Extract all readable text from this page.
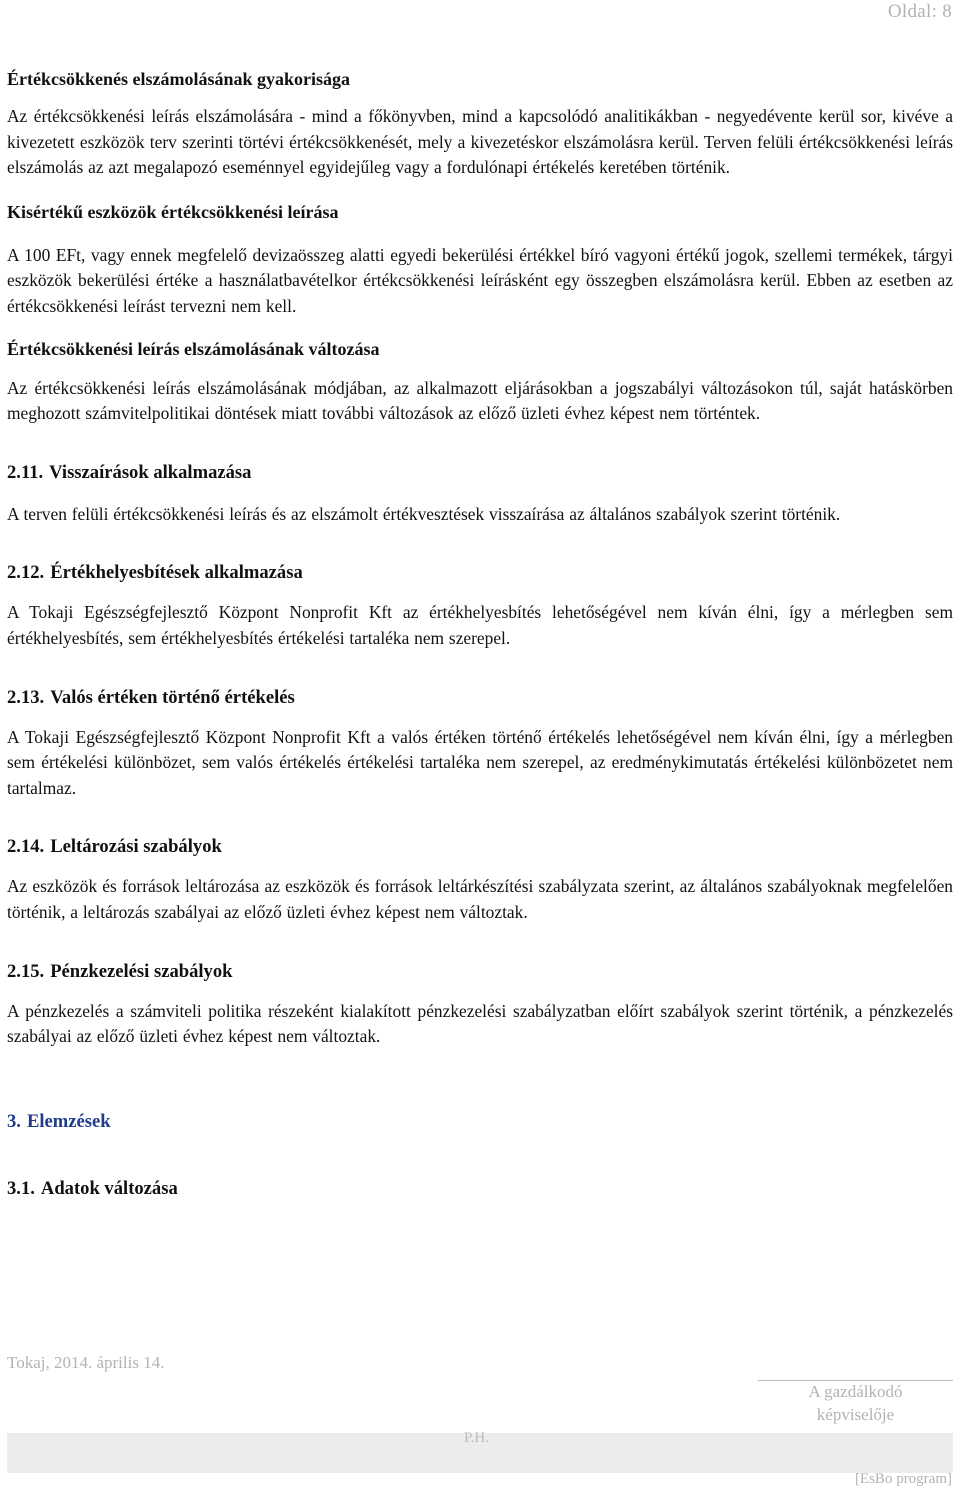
Oldal: 8
Értékcsökkenés elszámolásának gyakorisága

Az értékcsökkenési leírás elszámolására - mind a főkönyvben, mind a kapcsolódó analitikákban - negyedévente kerül sor, kivéve a kivezetett eszközök terv szerinti törtévi értékcsökkenését, mely a kivezetéskor elszámolásra kerül. Terven felüli értékcsökkenési leírás elszámolás az azt megalapozó eseménnyel egyidejűleg vagy a fordulónapi értékelés keretében történik.

Kisértékű eszközök értékcsökkenési leírása

A 100 EFt, vagy ennek megfelelő devizaösszeg alatti egyedi bekerülési értékkel bíró vagyoni értékű jogok, szellemi termékek, tárgyi eszközök bekerülési értéke a használatbavételkor értékcsökkenési leírásként egy összegben elszámolásra kerül. Ebben az esetben az értékcsökkenési leírást tervezni nem kell.

Értékcsökkenési leírás elszámolásának változása

Az értékcsökkenési leírás elszámolásának módjában, az alkalmazott eljárásokban a jogszabályi változásokon túl, saját hatáskörben meghozott számvitelpolitikai döntések miatt további változások az előző üzleti évhez képest nem történtek.

2.11. Visszaírások alkalmazása

A terven felüli értékcsökkenési leírás és az elszámolt értékvesztések visszaírása az általános szabályok szerint történik.

2.12. Értékhelyesbítések alkalmazása

A Tokaji Egészségfejlesztő Központ Nonprofit Kft az értékhelyesbítés lehetőségével nem kíván élni, így a mérlegben sem értékhelyesbítés, sem értékhelyesbítés értékelési tartaléka nem szerepel.

2.13. Valós értéken történő értékelés

A Tokaji Egészségfejlesztő Központ Nonprofit Kft a valós értéken történő értékelés lehetőségével nem kíván élni, így a mérlegben sem értékelési különbözet, sem valós értékelés értékelési tartaléka nem szerepel, az eredménykimutatás értékelési különbözetet nem tartalmaz.

2.14. Leltározási szabályok

Az eszközök és források leltározása az eszközök és források leltárkészítési szabályzata szerint, az általános szabályoknak megfelelően történik, a leltározás szabályai az előző üzleti évhez képest nem változtak.

2.15. Pénzkezelési szabályok

A pénzkezelés a számviteli politika részeként kialakított pénzkezelési szabályzatban előírt szabályok szerint történik, a pénzkezelés szabályai az előző üzleti évhez képest nem változtak.

3. Elemzések
3.1. Adatok változása
Tokaj, 2014. április 14.
A gazdálkodó
képviselője
P.H.
[EsBo program]
